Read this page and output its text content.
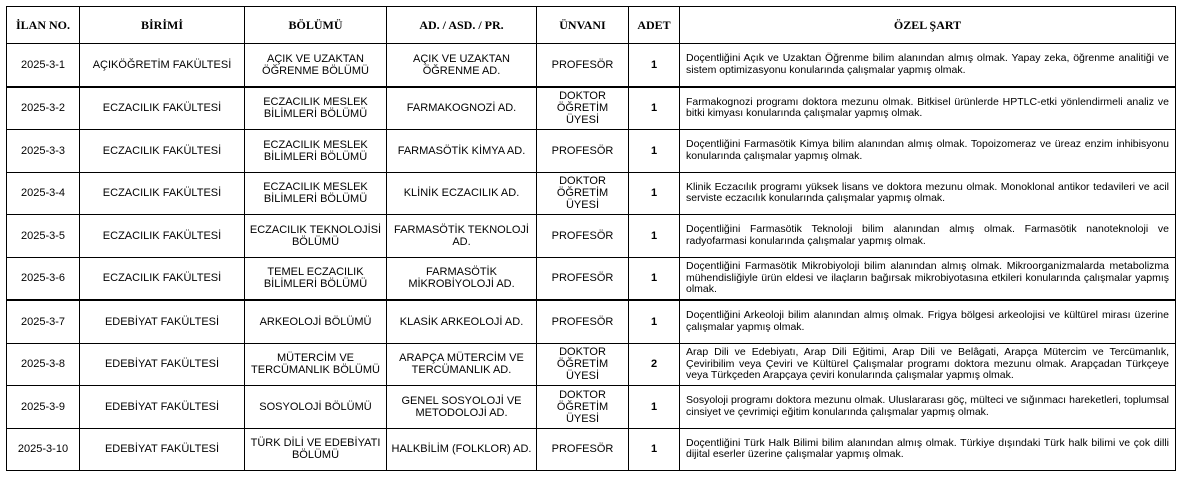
İLAN NO.	BİRİMİ	BÖLÜMÜ	AD. / ASD. / PR.	ÜNVANI	ADET	ÖZEL ŞART
2025-3-1	AÇIKÖĞRETİM FAKÜLTESİ	AÇIK VE UZAKTAN ÖĞRENME BÖLÜMÜ	AÇIK VE UZAKTAN ÖĞRENME AD.	PROFESÖR	1	Doçentliğini Açık ve Uzaktan Öğrenme bilim alanından almış olmak. Yapay zeka, öğrenme analitiği ve sistem optimizasyonu konularında çalışmalar yapmış olmak.
2025-3-2	ECZACILIK FAKÜLTESİ	ECZACILIK MESLEK BİLİMLERİ BÖLÜMÜ	FARMAKOGNOZİ AD.	DOKTOR ÖĞRETİM ÜYESİ	1	Farmakognozi programı doktora mezunu olmak. Bitkisel ürünlerde HPTLC-etki yönlendirmeli analiz ve bitki kimyası konularında çalışmalar yapmış olmak.
2025-3-3	ECZACILIK FAKÜLTESİ	ECZACILIK MESLEK BİLİMLERİ BÖLÜMÜ	FARMASÖTİK KİMYA AD.	PROFESÖR	1	Doçentliğini Farmasötik Kimya bilim alanından almış olmak. Topoizomeraz ve üreaz enzim inhibisyonu konularında çalışmalar yapmış olmak.
2025-3-4	ECZACILIK FAKÜLTESİ	ECZACILIK MESLEK BİLİMLERİ BÖLÜMÜ	KLİNİK ECZACILIK AD.	DOKTOR ÖĞRETİM ÜYESİ	1	Klinik Eczacılık programı yüksek lisans ve doktora mezunu olmak. Monoklonal antikor tedavileri ve acil serviste eczacılık konularında çalışmalar yapmış olmak.
2025-3-5	ECZACILIK FAKÜLTESİ	ECZACILIK TEKNOLOJİSİ BÖLÜMÜ	FARMASÖTİK TEKNOLOJİ AD.	PROFESÖR	1	Doçentliğini Farmasötik Teknoloji bilim alanından almış olmak. Farmasötik nanoteknoloji ve radyofarmasi konularında çalışmalar yapmış olmak.
2025-3-6	ECZACILIK FAKÜLTESİ	TEMEL ECZACILIK BİLİMLERİ BÖLÜMÜ	FARMASÖTİK MİKROBİYOLOJİ AD.	PROFESÖR	1	Doçentliğini Farmasötik Mikrobiyoloji bilim alanından almış olmak. Mikroorganizmalarda metabolizma mühendisliğiyle ürün eldesi ve ilaçların bağırsak mikrobiyotasına etkileri konularında çalışmalar yapmış olmak.
2025-3-7	EDEBİYAT FAKÜLTESİ	ARKEOLOJİ BÖLÜMÜ	KLASİK ARKEOLOJİ AD.	PROFESÖR	1	Doçentliğini Arkeoloji bilim alanından almış olmak. Frigya bölgesi arkeolojisi ve kültürel mirası üzerine çalışmalar yapmış olmak.
2025-3-8	EDEBİYAT FAKÜLTESİ	MÜTERCİM VE TERCÜMANLIK BÖLÜMÜ	ARAPÇA MÜTERCİM VE TERCÜMANLIK AD.	DOKTOR ÖĞRETİM ÜYESİ	2	Arap Dili ve Edebiyatı, Arap Dili Eğitimi, Arap Dili ve Belâgati, Arapça Mütercim ve Tercümanlık, Çeviribilim veya Çeviri ve Kültürel Çalışmalar programı doktora mezunu olmak. Arapçadan Türkçeye veya Türkçeden Arapçaya çeviri konularında çalışmalar yapmış olmak.
2025-3-9	EDEBİYAT FAKÜLTESİ	SOSYOLOJİ BÖLÜMÜ	GENEL SOSYOLOJİ VE METODOLOJİ AD.	DOKTOR ÖĞRETİM ÜYESİ	1	Sosyoloji programı doktora mezunu olmak. Uluslararası göç, mülteci ve sığınmacı hareketleri, toplumsal cinsiyet ve çevrimiçi eğitim konularında çalışmalar yapmış olmak.
2025-3-10	EDEBİYAT FAKÜLTESİ	TÜRK DİLİ VE EDEBİYATI BÖLÜMÜ	HALKBİLİM (FOLKLOR) AD.	PROFESÖR	1	Doçentliğini Türk Halk Bilimi bilim alanından almış olmak. Türkiye dışındaki Türk halk bilimi ve çok dilli dijital eserler üzerine çalışmalar yapmış olmak.
